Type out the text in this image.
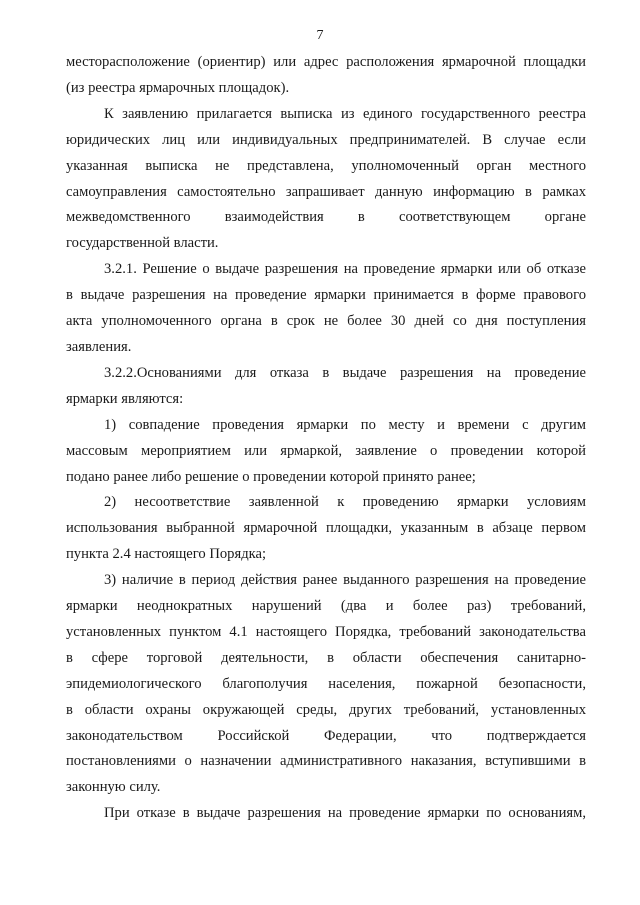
7
месторасположение (ориентир) или адрес расположения ярмарочной площадки
(из реестра ярмарочных площадок).
К заявлению прилагается выписка из единого государственного реестра
юридических лиц или индивидуальных предпринимателей. В случае если
указанная выписка не представлена, уполномоченный орган местного
самоуправления самостоятельно запрашивает данную информацию в рамках
межведомственного взаимодействия в соответствующем органе
государственной власти.
3.2.1. Решение о выдаче разрешения на проведение ярмарки или об отказе
в выдаче разрешения на проведение ярмарки принимается в форме правового
акта уполномоченного органа в срок не более 30 дней со дня поступления
заявления.
3.2.2.Основаниями для отказа в выдаче разрешения на проведение
ярмарки являются:
1) совпадение проведения ярмарки по месту и времени с другим
массовым мероприятием или ярмаркой, заявление о проведении которой
подано ранее либо решение о проведении которой принято ранее;
2) несоответствие заявленной к проведению ярмарки условиям
использования выбранной ярмарочной площадки, указанным в абзаце первом
пункта 2.4 настоящего Порядка;
3) наличие в период действия ранее выданного разрешения на проведение
ярмарки неоднократных нарушений (два и более раз) требований,
установленных пунктом 4.1 настоящего Порядка, требований законодательства
в сфере торговой деятельности, в области обеспечения санитарно-
эпидемиологического благополучия населения, пожарной безопасности,
в области охраны окружающей среды, других требований, установленных
законодательством Российской Федерации, что подтверждается
постановлениями о назначении административного наказания, вступившими в
законную силу.
При отказе в выдаче разрешения на проведение ярмарки по основаниям,
